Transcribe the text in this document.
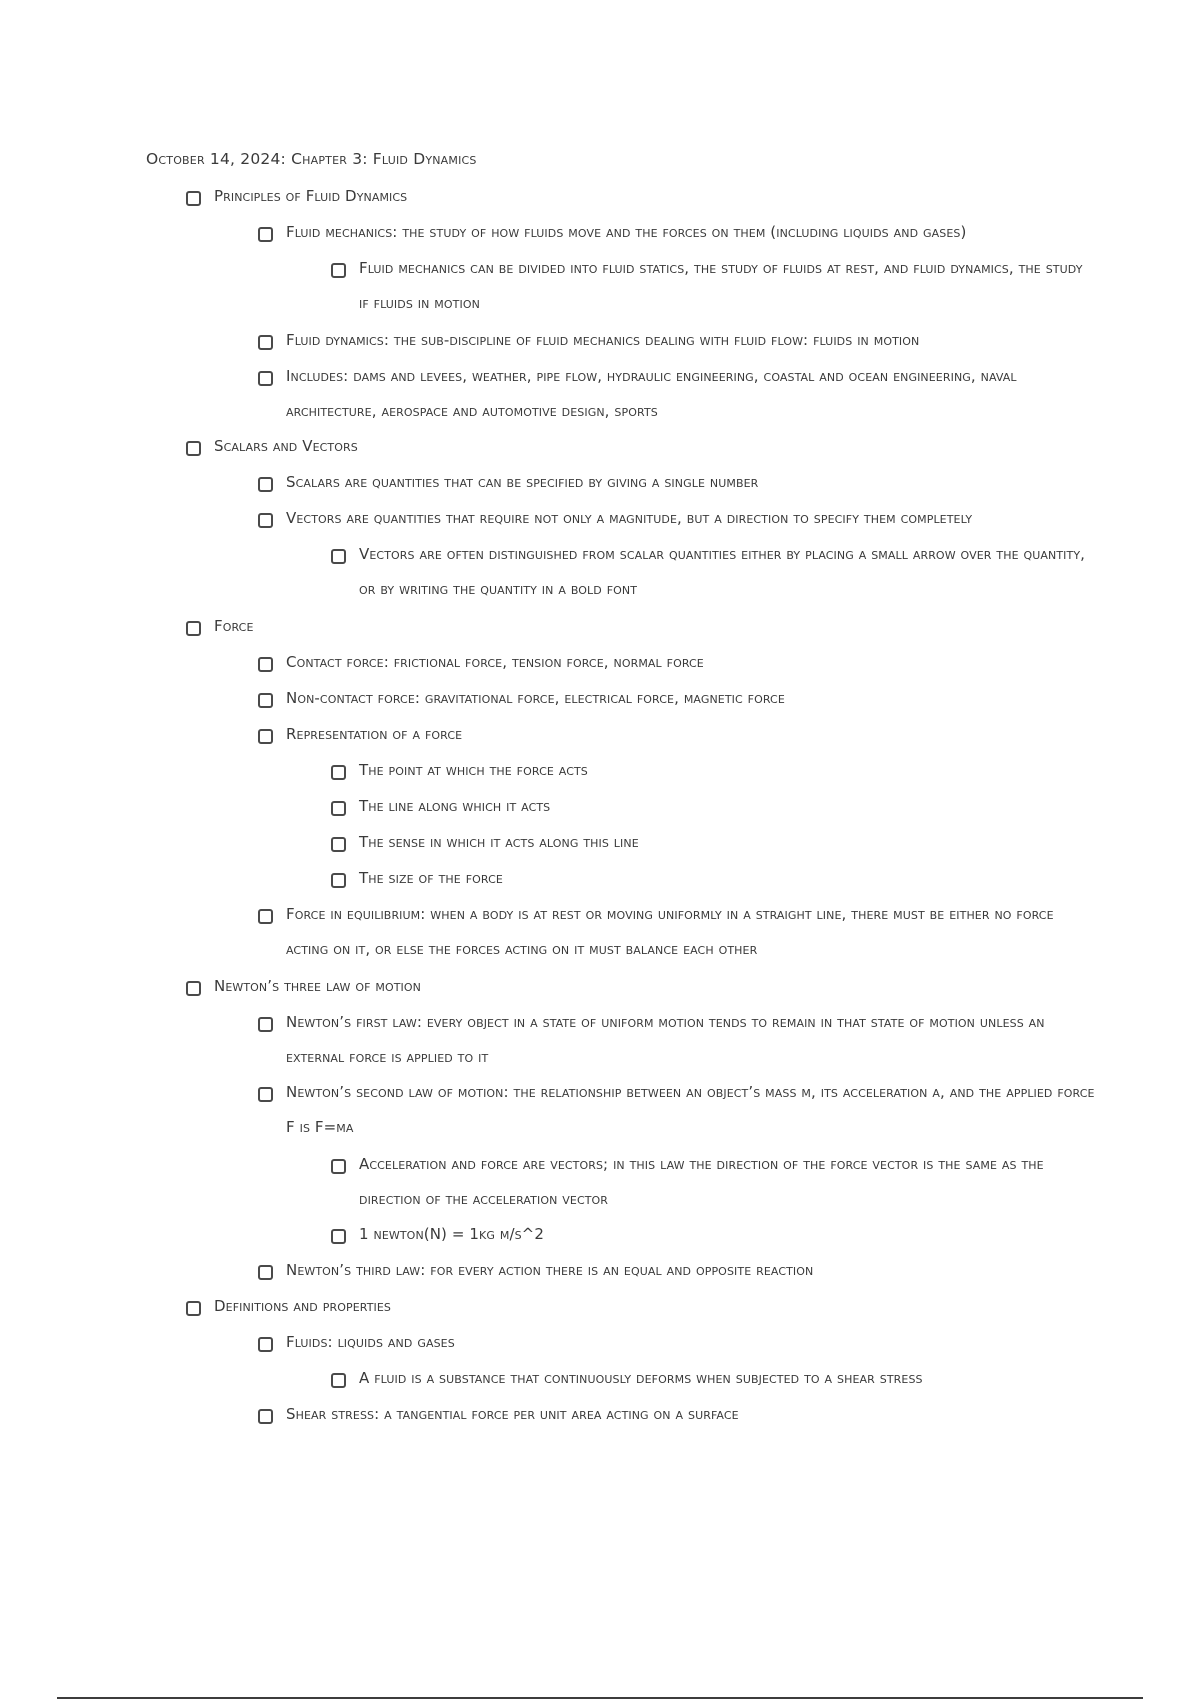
October 14, 2024: Chapter 3: Fluid Dynamics
Principles of Fluid Dynamics
Fluid mechanics: the study of how fluids move and the forces on them (including liquids and gases)
Fluid mechanics can be divided into fluid statics, the study of fluids at rest, and fluid dynamics, the study if fluids in motion
Fluid dynamics: the sub-discipline of fluid mechanics dealing with fluid flow: fluids in motion
Includes: dams and levees, weather, pipe flow, hydraulic engineering, coastal and ocean engineering, naval architecture, aerospace and automotive design, sports
Scalars and Vectors
Scalars are quantities that can be specified by giving a single number
Vectors are quantities that require not only a magnitude, but a direction to specify them completely
Vectors are often distinguished from scalar quantities either by placing a small arrow over the quantity, or by writing the quantity in a bold font
Force
Contact force: frictional force, tension force, normal force
Non-contact force: gravitational force, electrical force, magnetic force
Representation of a force
The point at which the force acts
The line along which it acts
The sense in which it acts along this line
The size of the force
Force in equilibrium: when a body is at rest or moving uniformly in a straight line, there must be either no force acting on it, or else the forces acting on it must balance each other
Newton’s three law of motion
Newton’s first law: every object in a state of uniform motion tends to remain in that state of motion unless an external force is applied to it
Newton’s second law of motion: the relationship between an object’s mass m, its acceleration a, and the applied force F is F=ma
Acceleration and force are vectors; in this law the direction of the force vector is the same as the direction of the acceleration vector
1 newton(N) = 1kg m/s^2
Newton’s third law: for every action there is an equal and opposite reaction
Definitions and properties
Fluids: liquids and gases
A fluid is a substance that continuously deforms when subjected to a shear stress
Shear stress: a tangential force per unit area acting on a surface
